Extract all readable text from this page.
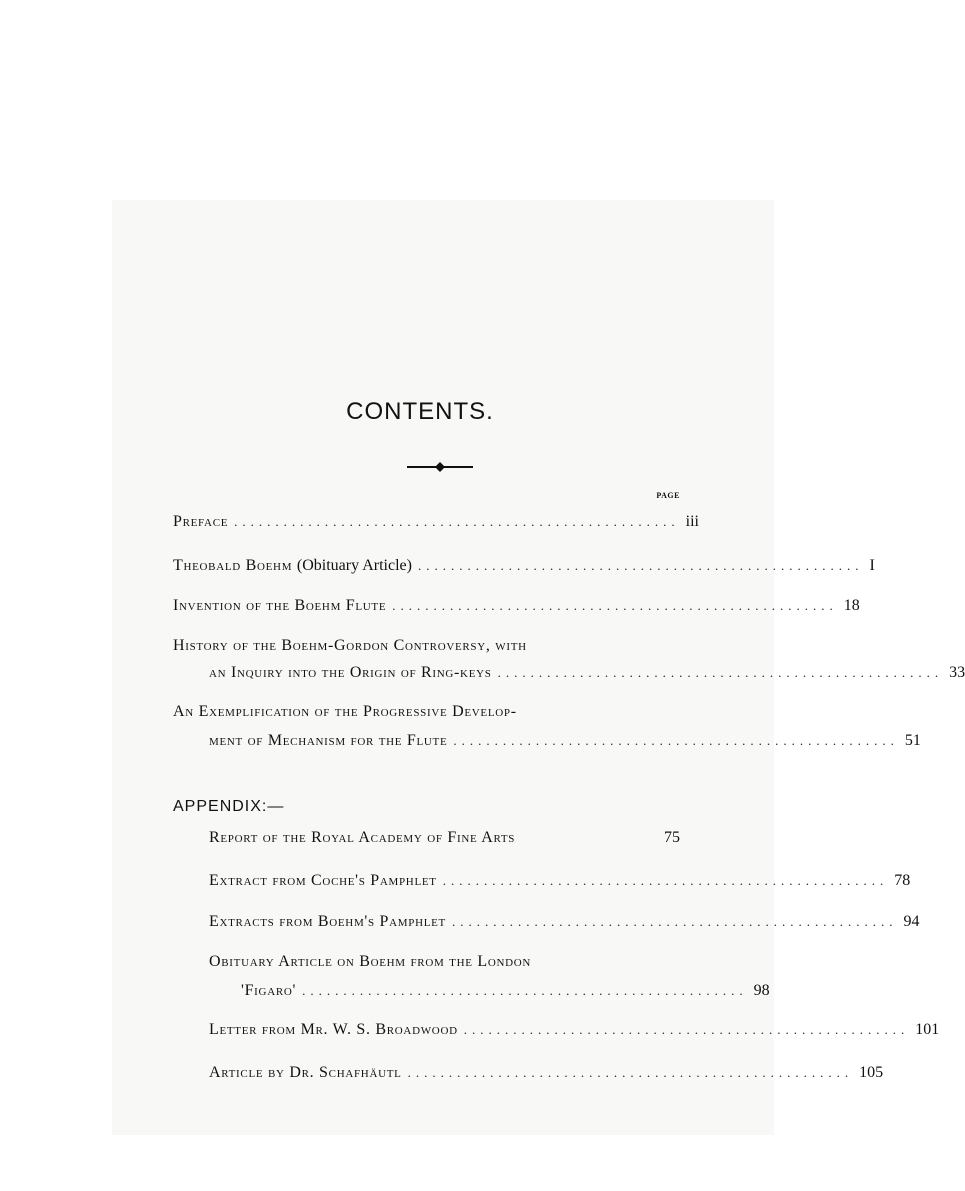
CONTENTS.
PAGE
Preface ...................................................... iii
Theobald Boehm (Obituary Article) ...................................................... I
Invention of the Boehm Flute ...................................................... 18
History of the Boehm-Gordon Controversy, with
an Inquiry into the Origin of Ring-keys ...................................................... 33
An Exemplification of the Progressive Develop-
ment of Mechanism for the Flute ...................................................... 51
Report of the Royal Academy of Fine Arts	75
Extract from Coche's Pamphlet ...................................................... 78
Extracts from Boehm's Pamphlet ...................................................... 94
Obituary Article on Boehm from the London
'Figaro' ...................................................... 98
Letter from Mr. W. S. Broadwood ...................................................... 101
Article by Dr. Schafhäutl ...................................................... 105
APPENDIX:—
